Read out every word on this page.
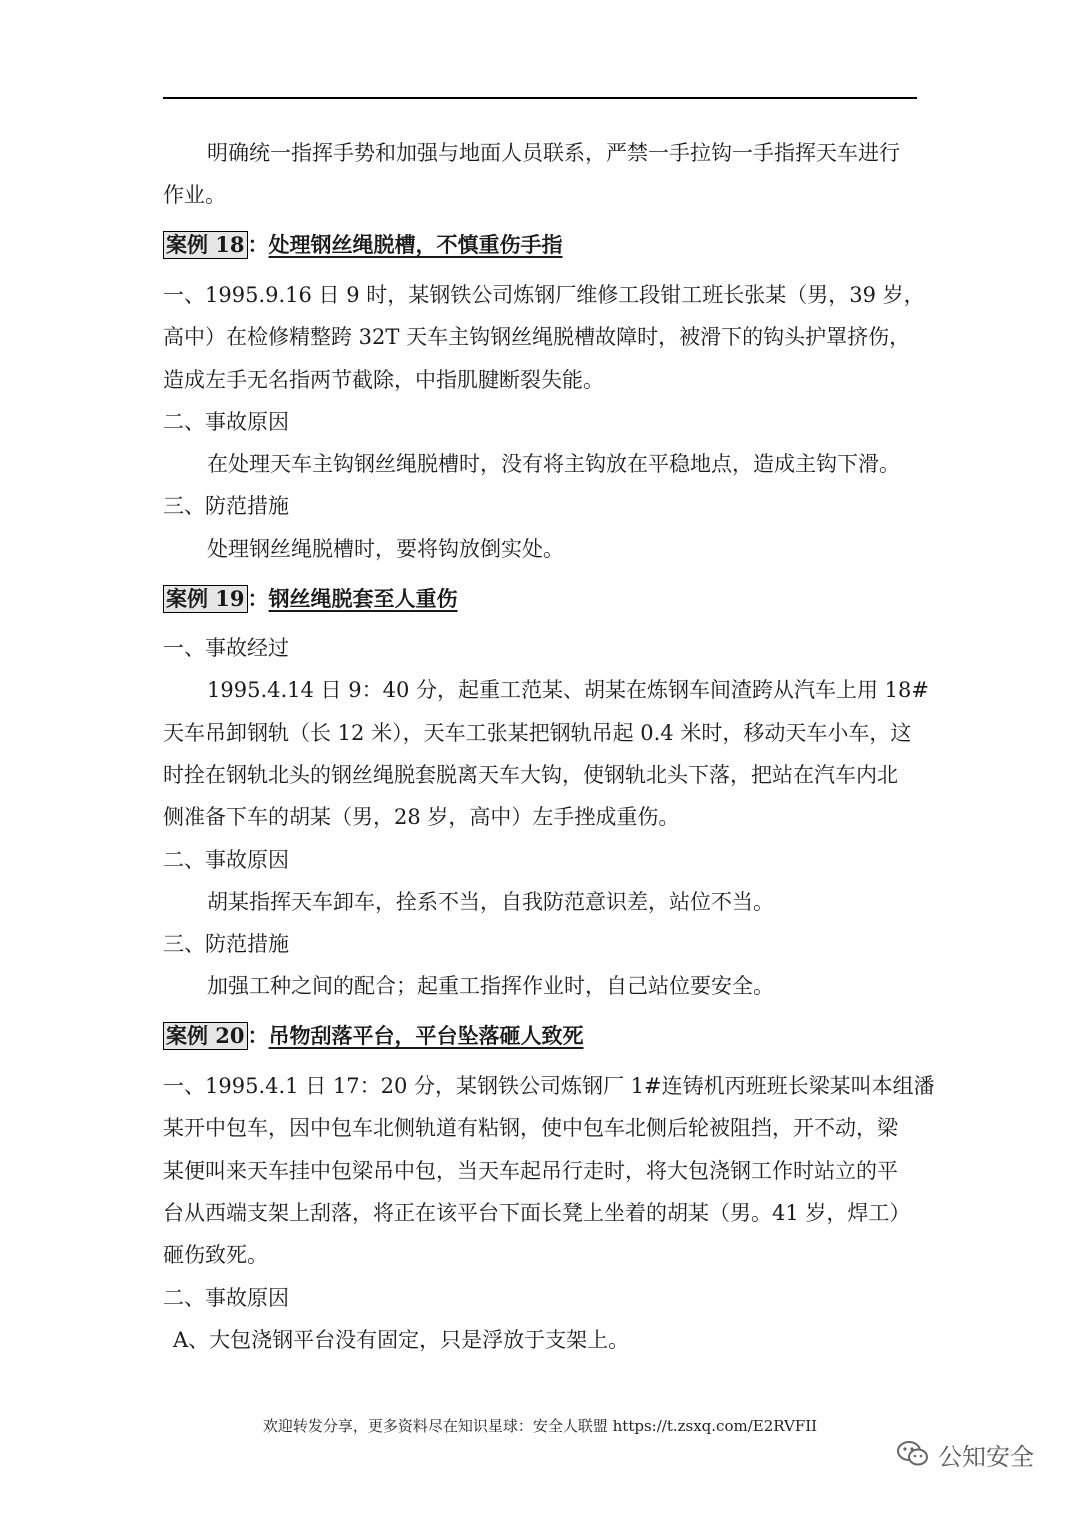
明确统一指挥手势和加强与地面人员联系，严禁一手拉钩一手指挥天车进行
作业。
案例 18 ：处理钢丝绳脱槽，不慎重伤手指
一、1995.9.16 日 9 时，某钢铁公司炼钢厂维修工段钳工班长张某（男，39 岁，
高中）在检修精整跨 32T 天车主钩钢丝绳脱槽故障时，被滑下的钩头护罩挤伤，
造成左手无名指两节截除，中指肌腱断裂失能。
二、事故原因
在处理天车主钩钢丝绳脱槽时，没有将主钩放在平稳地点，造成主钩下滑。
三、防范措施
处理钢丝绳脱槽时，要将钩放倒实处。
案例 19 ：钢丝绳脱套至人重伤
一、事故经过
1995.4.14 日 9：40 分，起重工范某、胡某在炼钢车间渣跨从汽车上用 18#
天车吊卸钢轨（长 12 米），天车工张某把钢轨吊起 0.4 米时，移动天车小车，这
时拴在钢轨北头的钢丝绳脱套脱离天车大钩，使钢轨北头下落，把站在汽车内北
侧准备下车的胡某（男，28 岁，高中）左手挫成重伤。
二、事故原因
胡某指挥天车卸车，拴系不当，自我防范意识差，站位不当。
三、防范措施
加强工种之间的配合；起重工指挥作业时，自己站位要安全。
案例 20 ：吊物刮落平台，平台坠落砸人致死
一、1995.4.1 日 17：20 分，某钢铁公司炼钢厂 1#连铸机丙班班长梁某叫本组潘
某开中包车，因中包车北侧轨道有粘钢，使中包车北侧后轮被阻挡，开不动，梁
某便叫来天车挂中包梁吊中包，当天车起吊行走时，将大包浇钢工作时站立的平
台从西端支架上刮落，将正在该平台下面长凳上坐着的胡某（男。41 岁，焊工）
砸伤致死。
二、事故原因
A、大包浇钢平台没有固定，只是浮放于支架上。
欢迎转发分享，更多资料尽在知识星球：安全人联盟 https://t.zsxq.com/E2RVFII
公知安全
